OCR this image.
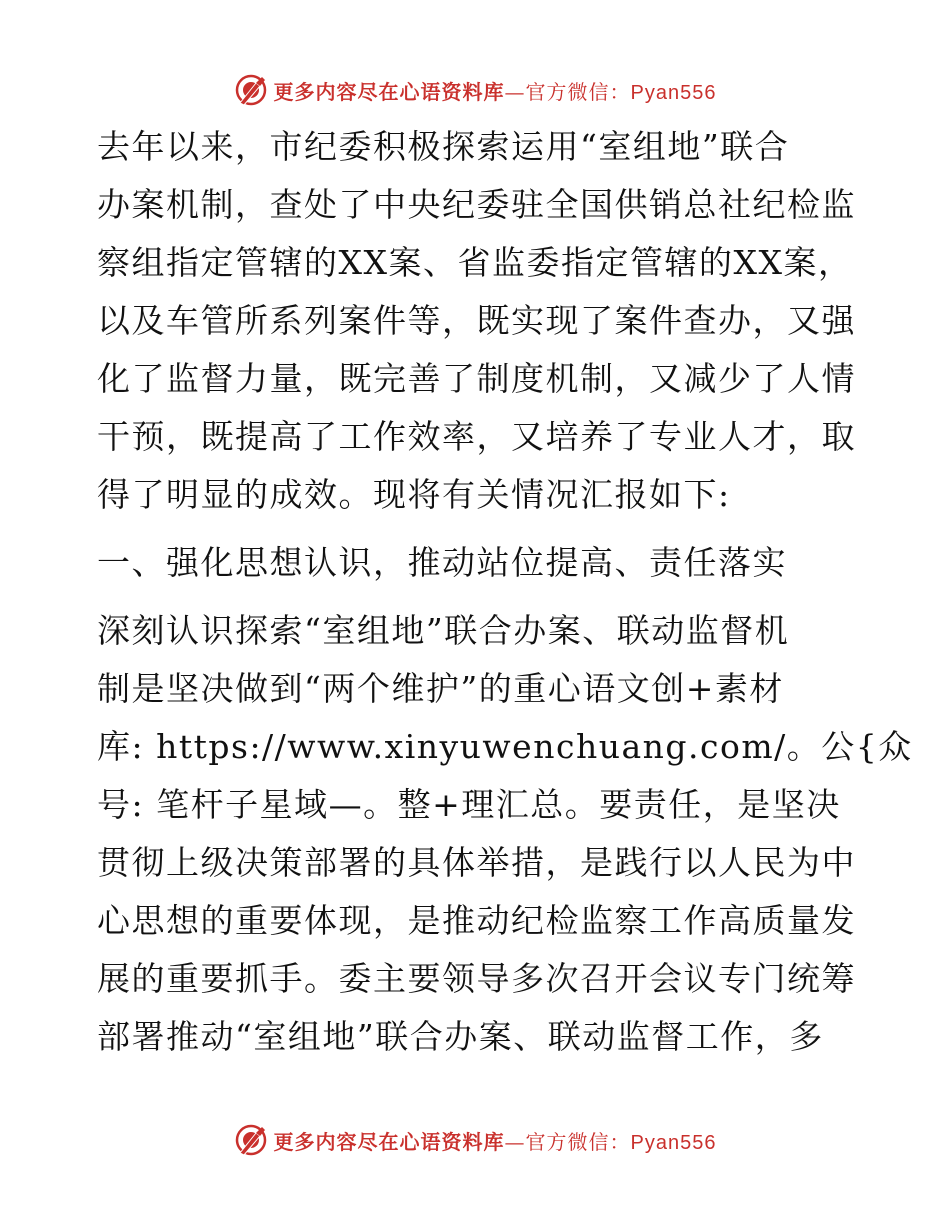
更多内容尽在心语资料库—官方微信：Pyan556
去年以来，市纪委积极探索运用“室组地”联合
办案机制，查处了中央纪委驻全国供销总社纪检监
察组指定管辖的XX案、省监委指定管辖的XX案，
以及车管所系列案件等，既实现了案件查办，又强
化了监督力量，既完善了制度机制，又减少了人情
干预，既提高了工作效率，又培养了专业人才，取
得了明显的成效。现将有关情况汇报如下:
一、强化思想认识，推动站位提高、责任落实
深刻认识探索“室组地”联合办案、联动监督机
制是坚决做到“两个维护”的重心语文创+素材
库: https://www.xinyuwenchuang.com/。公{众
号: 笔杆子星域—。整+理汇总。要责任，是坚决
贯彻上级决策部署的具体举措，是践行以人民为中
心思想的重要体现，是推动纪检监察工作高质量发
展的重要抓手。委主要领导多次召开会议专门统筹
部署推动“室组地”联合办案、联动监督工作，多
更多内容尽在心语资料库—官方微信：Pyan556
